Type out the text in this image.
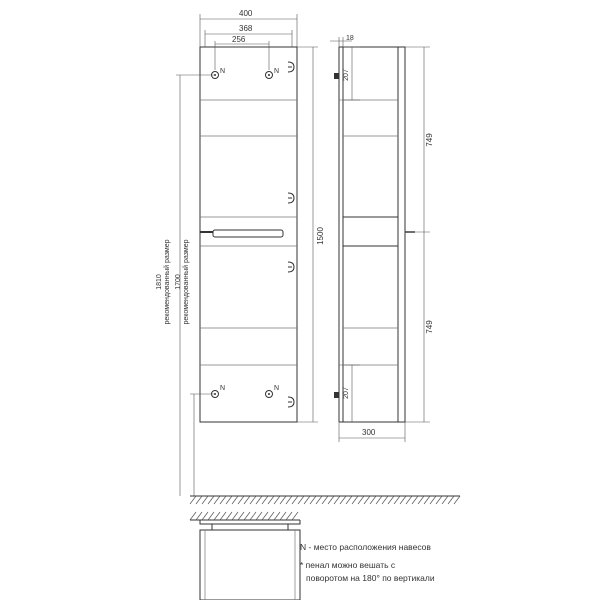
N	N
N	N
400
368
256
1500
1810 рекомендованный размер 1700 рекомендованный размер
18
207
749
749
207
300
N - место расположения навесов
* пенал можно вешать с
поворотом на 180° по вертикали
